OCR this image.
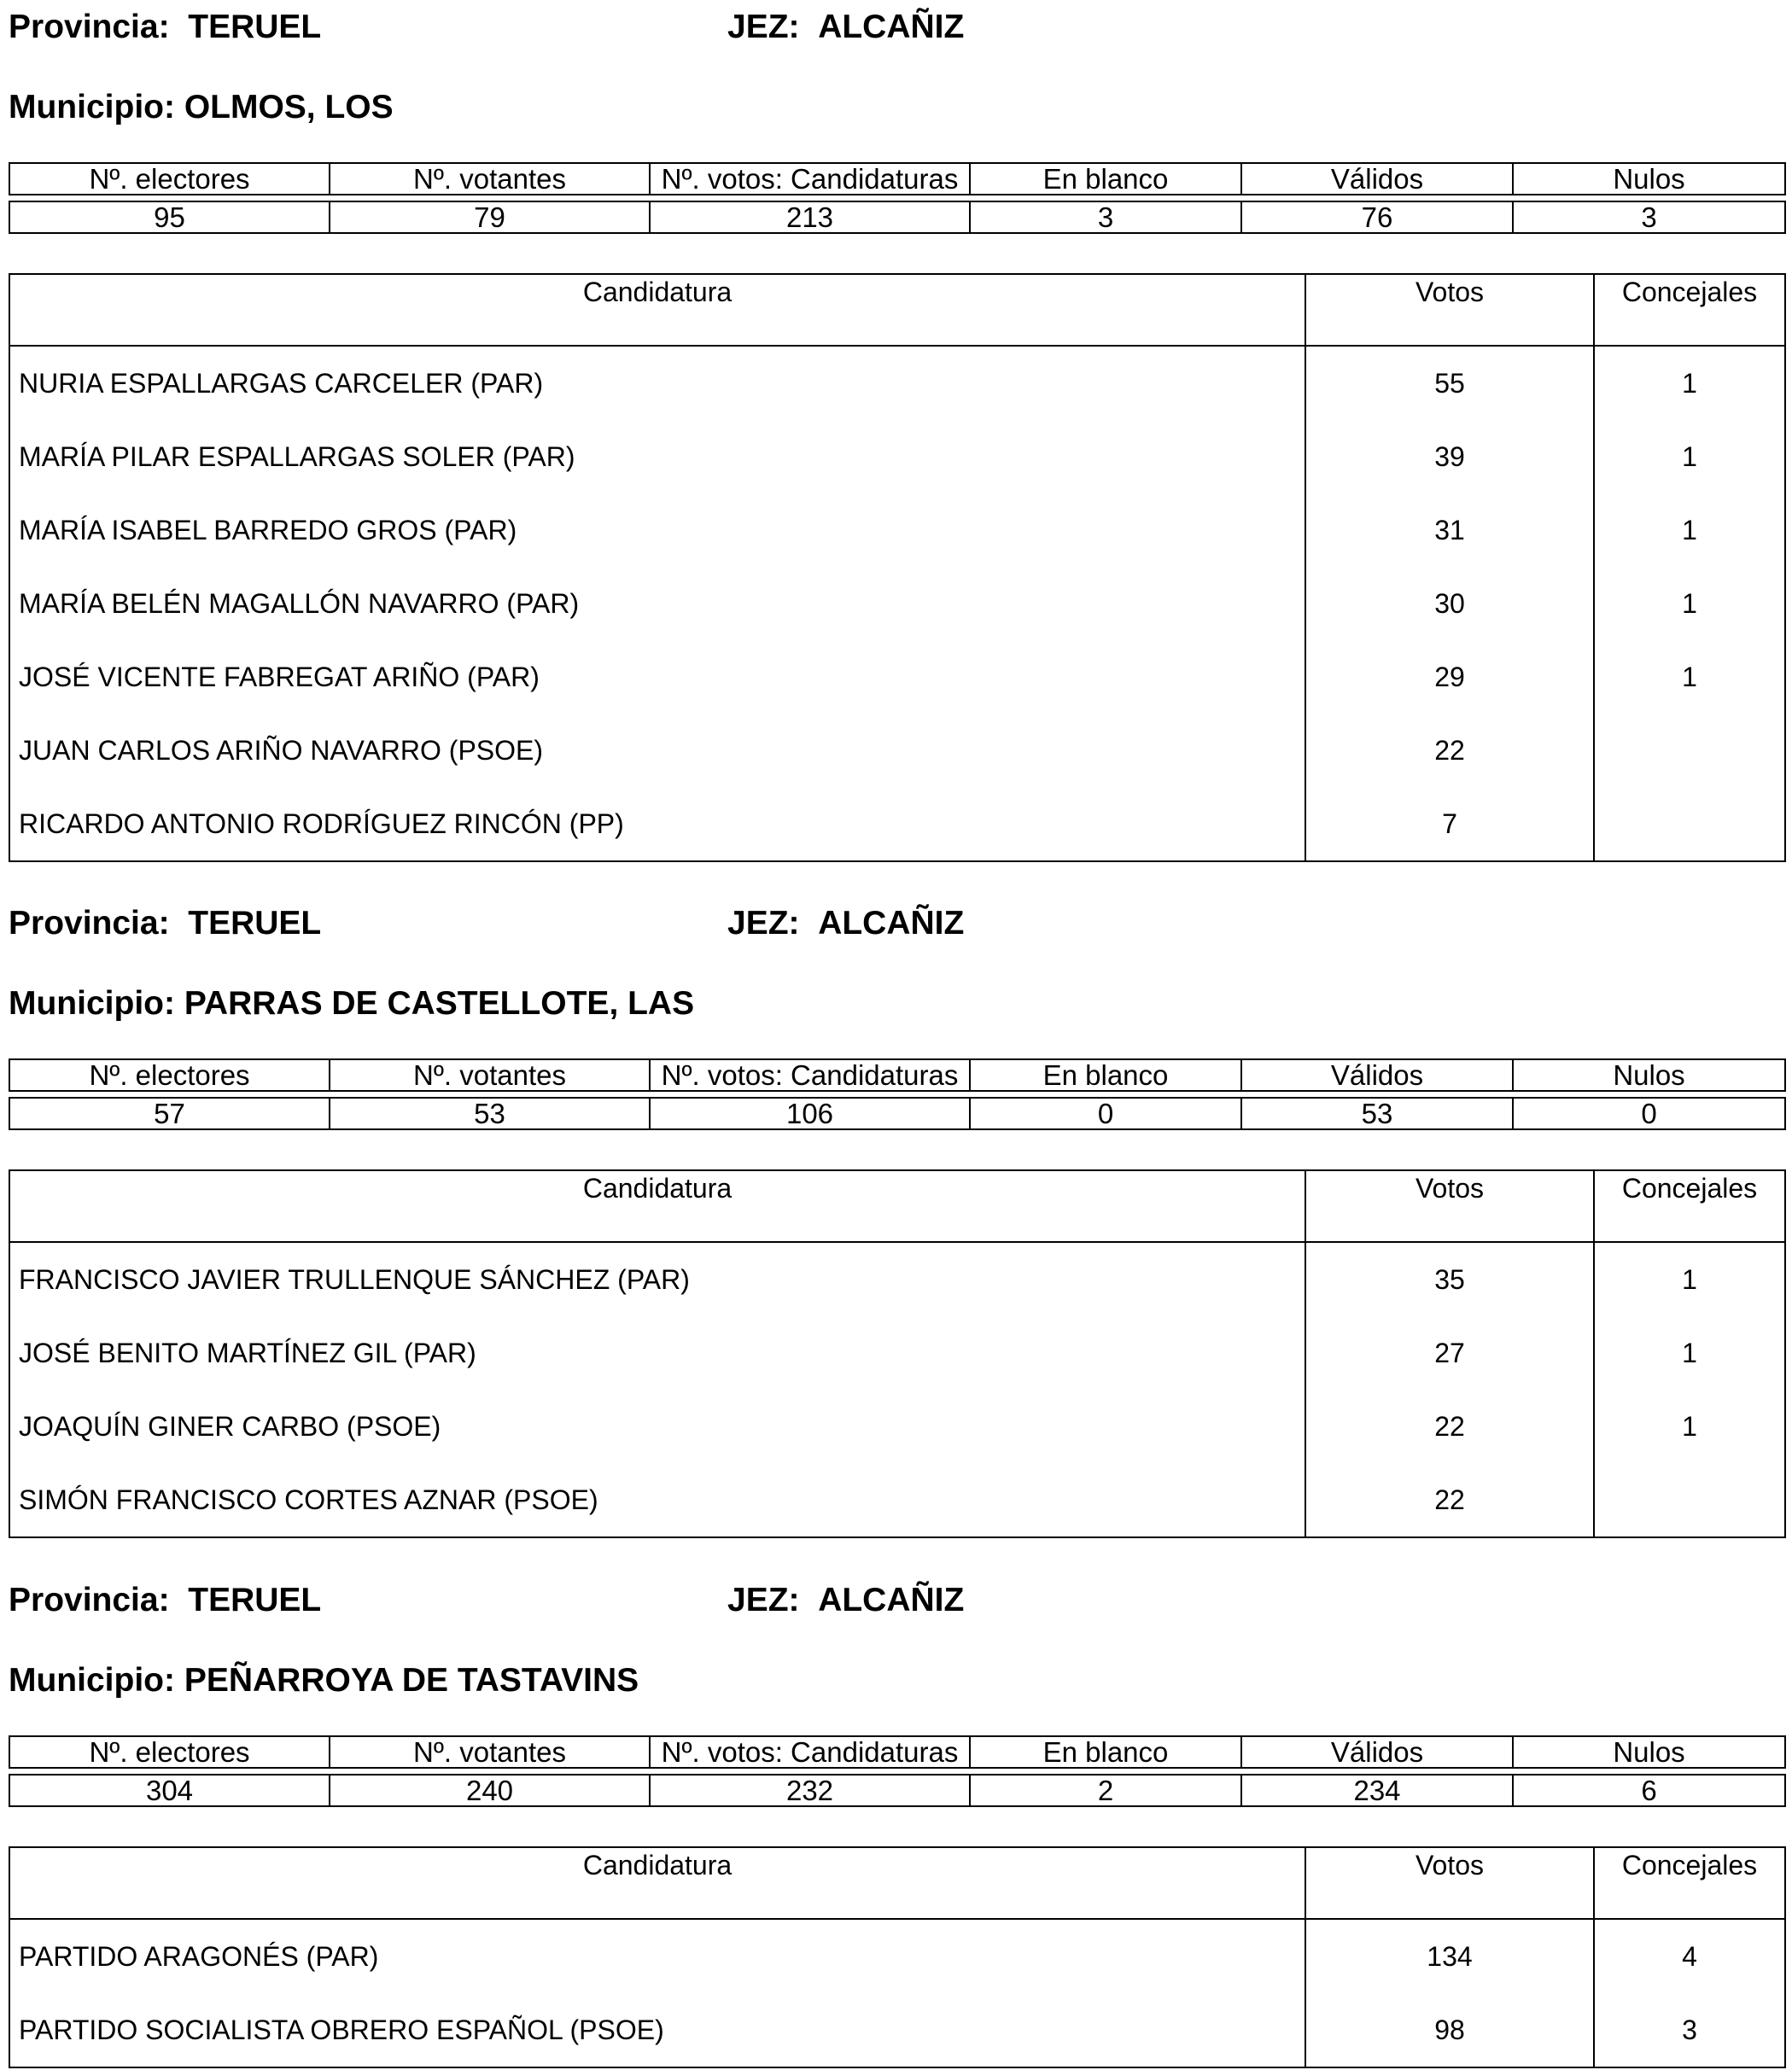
Provincia: TERUEL	JEZ: ALCAÑIZ
Municipio: OLMOS, LOS
Nº. electores	Nº. votantes	Nº. votos: Candidaturas	En blanco	Válidos	Nulos

95	79	213	3	76	3
Candidatura	Votos	Concejales
NURIA ESPALLARGAS CARCELER (PAR)	55	1
MARÍA PILAR ESPALLARGAS SOLER (PAR)	39	1
MARÍA ISABEL BARREDO GROS (PAR)	31	1
MARÍA BELÉN MAGALLÓN NAVARRO (PAR)	30	1
JOSÉ VICENTE FABREGAT ARIÑO (PAR)	29	1
JUAN CARLOS ARIÑO NAVARRO (PSOE)	22	
RICARDO ANTONIO RODRÍGUEZ RINCÓN (PP)	7	
Provincia: TERUEL	JEZ: ALCAÑIZ
Municipio: PARRAS DE CASTELLOTE, LAS
Nº. electores	Nº. votantes	Nº. votos: Candidaturas	En blanco	Válidos	Nulos

57	53	106	0	53	0
Candidatura	Votos	Concejales
FRANCISCO JAVIER TRULLENQUE SÁNCHEZ (PAR)	35	1
JOSÉ BENITO MARTÍNEZ GIL (PAR)	27	1
JOAQUÍN GINER CARBO (PSOE)	22	1
SIMÓN FRANCISCO CORTES AZNAR (PSOE)	22	
Provincia: TERUEL	JEZ: ALCAÑIZ
Municipio: PEÑARROYA DE TASTAVINS
Nº. electores	Nº. votantes	Nº. votos: Candidaturas	En blanco	Válidos	Nulos

304	240	232	2	234	6
Candidatura	Votos	Concejales
PARTIDO ARAGONÉS (PAR)	134	4
PARTIDO SOCIALISTA OBRERO ESPAÑOL (PSOE)	98	3
